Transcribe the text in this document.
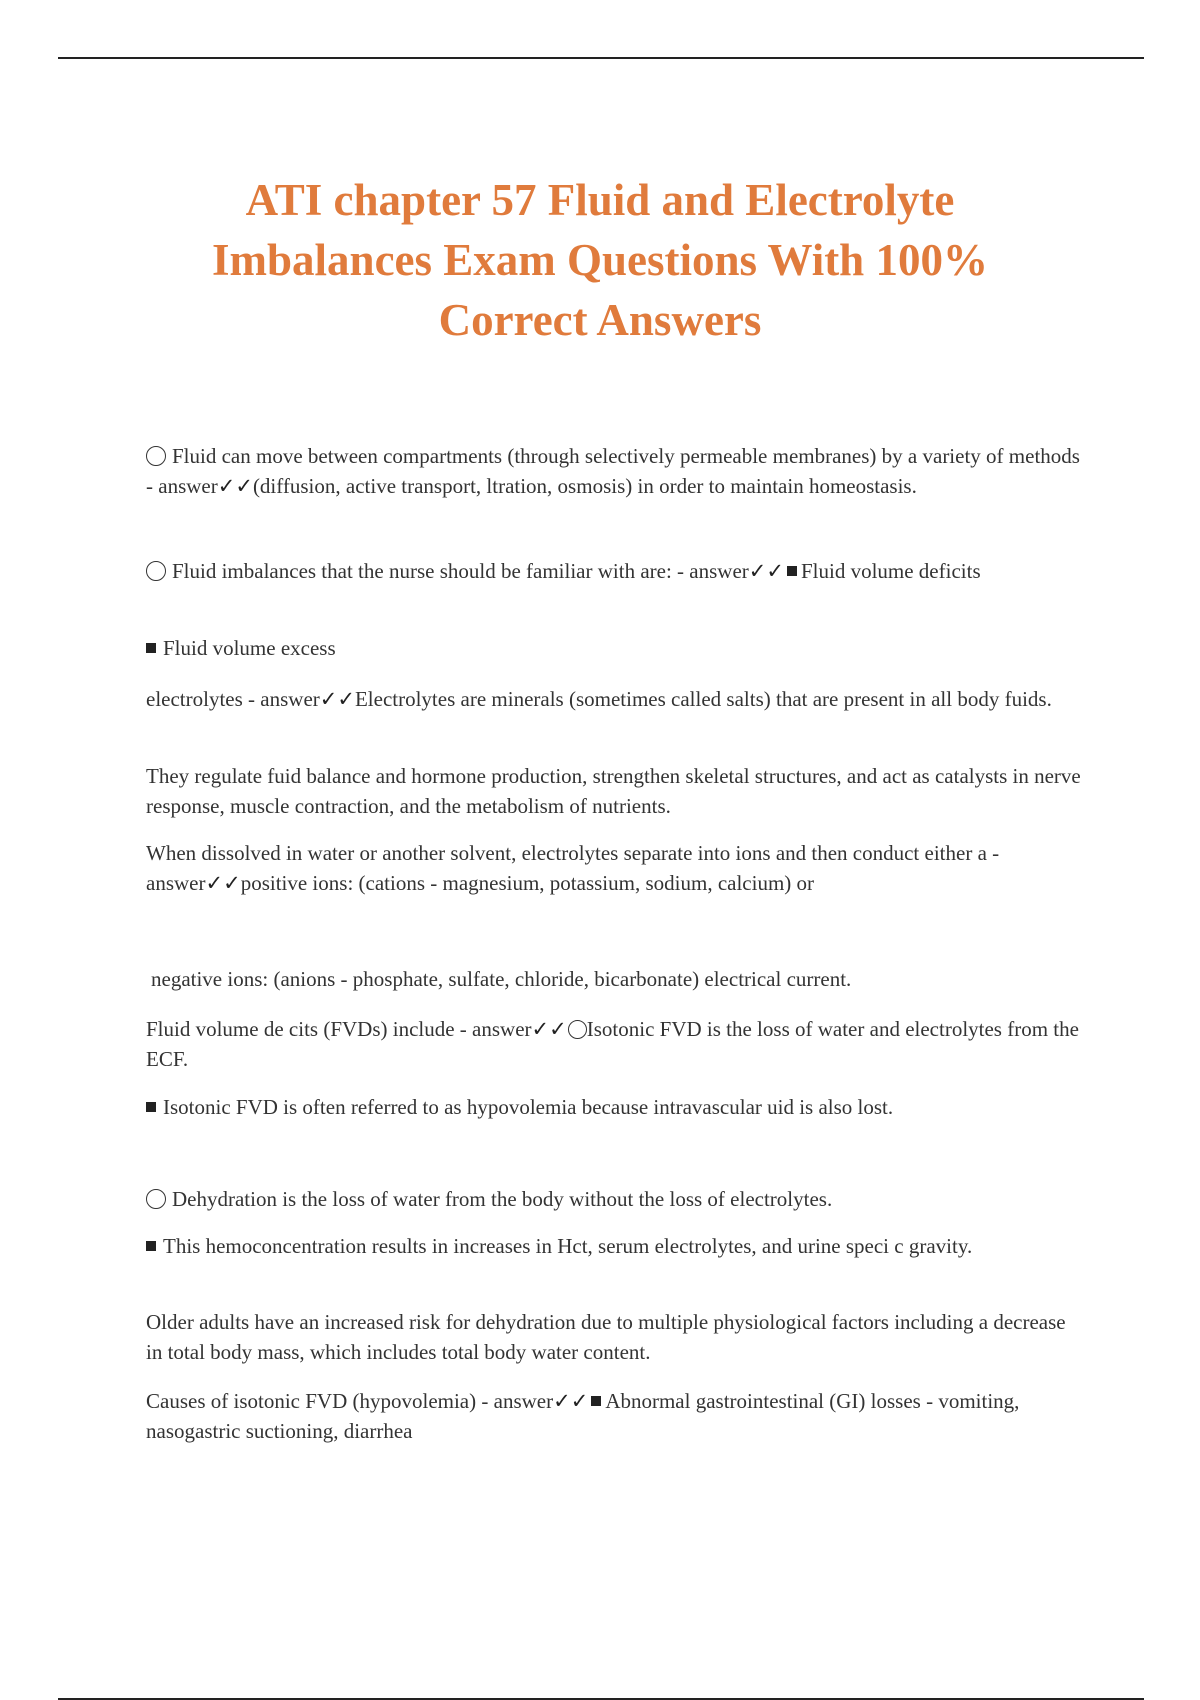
ATI chapter 57 Fluid and Electrolyte Imbalances Exam Questions With 100% Correct Answers

Fluid can move between compartments (through selectively permeable membranes) by a variety of methods - answer✓✓(diffusion, active transport, ltration, osmosis) in order to maintain homeostasis.

Fluid imbalances that the nurse should be familiar with are: - answer✓✓ Fluid volume deficits

Fluid volume excess

electrolytes - answer✓✓Electrolytes are minerals (sometimes called salts) that are present in all body fuids.

They regulate fuid balance and hormone production, strengthen skeletal structures, and act as catalysts in nerve response, muscle contraction, and the metabolism of nutrients.

When dissolved in water or another solvent, electrolytes separate into ions and then conduct either a - answer✓✓positive ions: (cations - magnesium, potassium, sodium, calcium) or

negative ions: (anions - phosphate, sulfate, chloride, bicarbonate) electrical current.

Fluid volume de cits (FVDs) include - answer✓✓ Isotonic FVD is the loss of water and electrolytes from the ECF.

Isotonic FVD is often referred to as hypovolemia because intravascular uid is also lost.

Dehydration is the loss of water from the body without the loss of electrolytes.

This hemoconcentration results in increases in Hct, serum electrolytes, and urine speci c gravity.

Older adults have an increased risk for dehydration due to multiple physiological factors including a decrease in total body mass, which includes total body water content.

Causes of isotonic FVD (hypovolemia) - answer✓✓ Abnormal gastrointestinal (GI) losses - vomiting, nasogastric suctioning, diarrhea
